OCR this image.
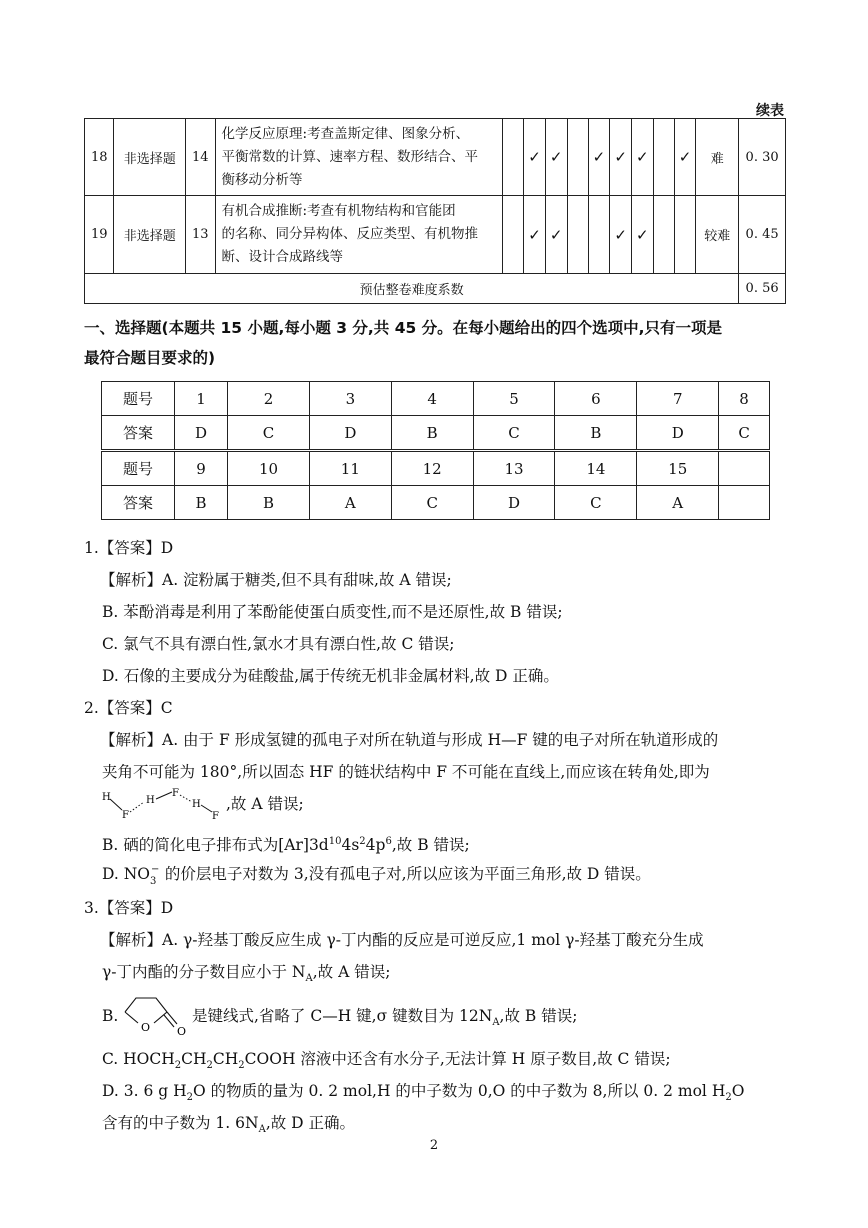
续表
18	非选择题	14	化学反应原理:考查盖斯定律、图象分析、
平衡常数的计算、速率方程、数形结合、平
衡移动分析等		✓	✓		✓	✓	✓		✓	难	0. 30
19	非选择题	13	有机合成推断:考查有机物结构和官能团
的名称、同分异构体、反应类型、有机物推
断、设计合成路线等		✓	✓			✓	✓			较难	0. 45
预估整卷难度系数														0. 56
一、选择题(本题共 15 小题,每小题 3 分,共 45 分。在每小题给出的四个选项中,只有一项是
最符合题目要求的)
题号	1	2	3	4	5	6	7	8
答案	D	C	D	B	C	B	D	C
题号	9	10	11	12	13	14	15	
答案	B	B	A	C	D	C	A	
1.【答案】D
【解析】A. 淀粉属于糖类,但不具有甜味,故 A 错误;
B. 苯酚消毒是利用了苯酚能使蛋白质变性,而不是还原性,故 B 错误;
C. 氯气不具有漂白性,氯水才具有漂白性,故 C 错误;
D. 石像的主要成分为硅酸盐,属于传统无机非金属材料,故 D 正确。
2.【答案】C
【解析】A. 由于 F 形成氢键的孤电子对所在轨道与形成 H—F 键的电子对所在轨道形成的
夹角不可能为 180°,所以固态 HF 的链状结构中 F 不可能在直线上,而应该在转角处,即为
H
F
H
F
H
F
,故 A 错误;
B. 硒的简化电子排布式为$[Ar]3d^{10}4s^24p^6$,故 B 错误;
D. NO 3
− 的价层电子对数为 3,没有孤电子对,所以应该为平面三角形,故 D 错误。
3.【答案】D
【解析】A. γ-羟基丁酸反应生成 γ-丁内酯的反应是可逆反应,1 mol γ-羟基丁酸充分生成
γ-丁内酯的分子数目应小于 $N_A$,故 A 错误;
B.
O O
是键线式,省略了 C—H 键,σ 键数目为 $12N_A$,故 B 错误;
C. $HOCH_2CH_2CH_2COOH$ 溶液中还含有水分子,无法计算 H 原子数目,故 C 错误;
D. 3. 6 g $H_2O$ 的物质的量为 0. 2 mol,H 的中子数为 0,O 的中子数为 8,所以 0. 2 mol $H_2O$
含有的中子数为 1. $6N_A$,故 D 正确。
2
